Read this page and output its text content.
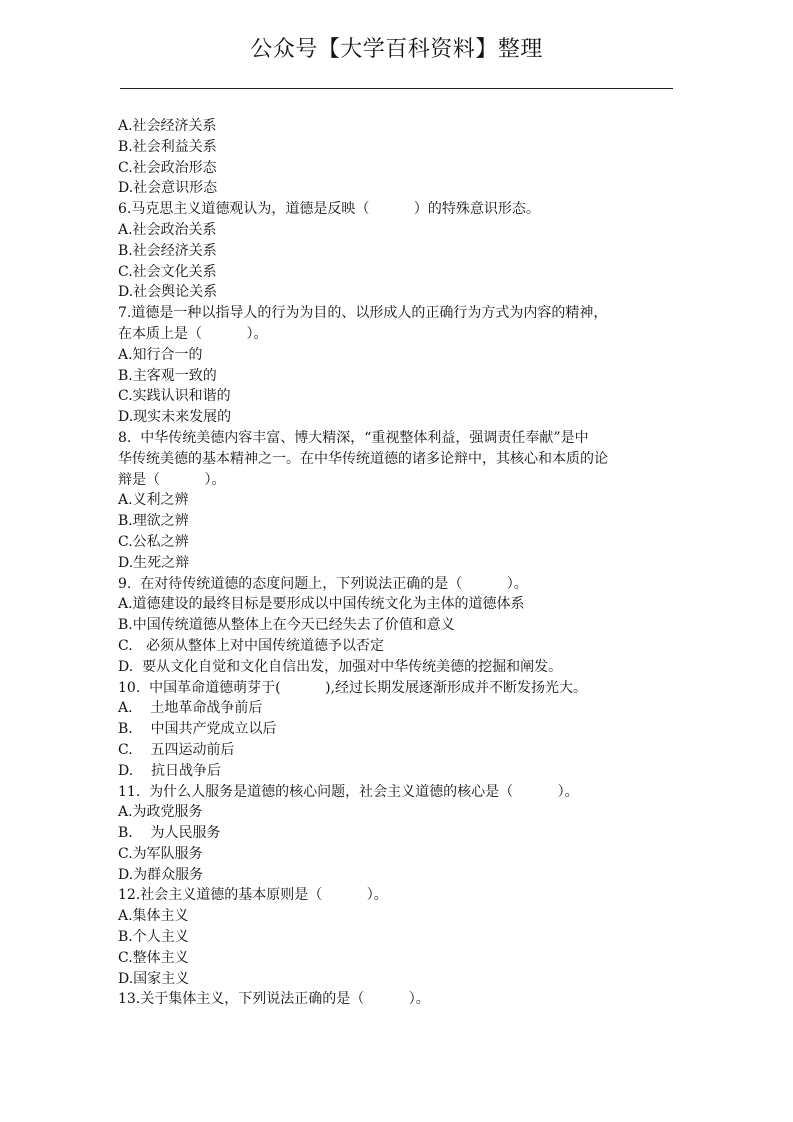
公众号【大学百科资料】整理
A.社会经济关系
B.社会利益关系
C.社会政治形态
D.社会意识形态
6.马克思主义道德观认为，道德是反映（          ）的特殊意识形态。
A.社会政治关系
B.社会经济关系
C.社会文化关系
D.社会舆论关系
7.道德是一种以指导人的行为为目的、以形成人的正确行为方式为内容的精神，
在本质上是（          ）。
A.知行合一的
B.主客观一致的
C.实践认识和谐的
D.现实未来发展的
8.  中华传统美德内容丰富、博大精深，“重视整体利益，强调责任奉献”是中
华传统美德的基本精神之一。在中华传统道德的诸多论辩中，其核心和本质的论
辩是（          ）。
A.义利之辨
B.理欲之辨
C.公私之辨
D.生死之辩
9.  在对待传统道德的态度问题上，下列说法正确的是（          ）。
A.道德建设的最终目标是要形成以中国传统文化为主体的道德体系
B.中国传统道德从整体上在今天已经失去了价值和意义
C.   必须从整体上对中国传统道德予以否定
D.  要从文化自觉和文化自信出发，加强对中华传统美德的挖掘和阐发。
10.  中国革命道德萌芽于(          ),经过长期发展逐渐形成并不断发扬光大。
A.    土地革命战争前后
B.    中国共产党成立以后
C.    五四运动前后
D.    抗日战争后
11.  为什么人服务是道德的核心问题，社会主义道德的核心是（          ）。
A.为政党服务
B.    为人民服务
C.为军队服务
D.为群众服务
12.社会主义道德的基本原则是（          ）。
A.集体主义
B.个人主义
C.整体主义
D.国家主义
13.关于集体主义，下列说法正确的是（          ）。
